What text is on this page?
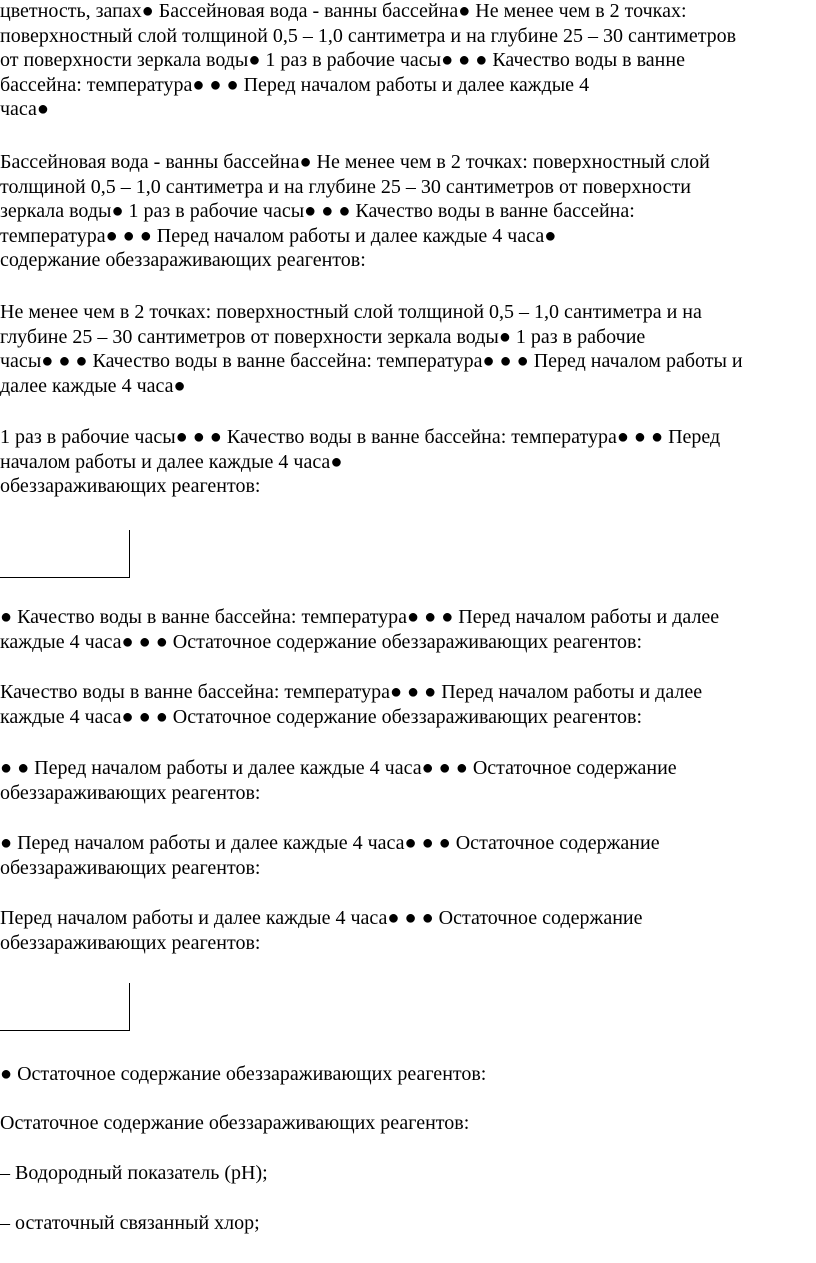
цветность, запах● Бассейновая вода - ванны бассейна● Не менее чем в 2 точках:
поверхностный слой толщиной 0,5 – 1,0 сантиметра и на глубине 25 – 30 сантиметров
от поверхности зеркала воды● 1 раз в рабочие часы● ● ● Качество воды в ванне
бассейна: температура● ● ● Перед началом работы и далее каждые 4
часа●
Бассейновая вода - ванны бассейна● Не менее чем в 2 точках: поверхностный слой
толщиной 0,5 – 1,0 сантиметра и на глубине 25 – 30 сантиметров от поверхности
зеркала воды● 1 раз в рабочие часы● ● ● Качество воды в ванне бассейна:
температура● ● ● Перед началом работы и далее каждые 4 часа●
содержание обеззараживающих реагентов:
Не менее чем в 2 точках: поверхностный слой толщиной 0,5 – 1,0 сантиметра и на
глубине 25 – 30 сантиметров от поверхности зеркала воды● 1 раз в рабочие
часы● ● ● Качество воды в ванне бассейна: температура● ● ● Перед началом работы и
далее каждые 4 часа●
1 раз в рабочие часы● ● ● Качество воды в ванне бассейна: температура● ● ● Перед
началом работы и далее каждые 4 часа●
обеззараживающих реагентов:
● Качество воды в ванне бассейна: температура● ● ● Перед началом работы и далее
каждые 4 часа● ● ● Остаточное содержание обеззараживающих реагентов:
Качество воды в ванне бассейна: температура● ● ● Перед началом работы и далее
каждые 4 часа● ● ● Остаточное содержание обеззараживающих реагентов:
● ● Перед началом работы и далее каждые 4 часа● ● ● Остаточное содержание
обеззараживающих реагентов:
● Перед началом работы и далее каждые 4 часа● ● ● Остаточное содержание
обеззараживающих реагентов:
Перед началом работы и далее каждые 4 часа● ● ● Остаточное содержание
обеззараживающих реагентов:
● Остаточное содержание обеззараживающих реагентов:
Остаточное содержание обеззараживающих реагентов:
– Водородный показатель (pH);
– остаточный связанный хлор;
